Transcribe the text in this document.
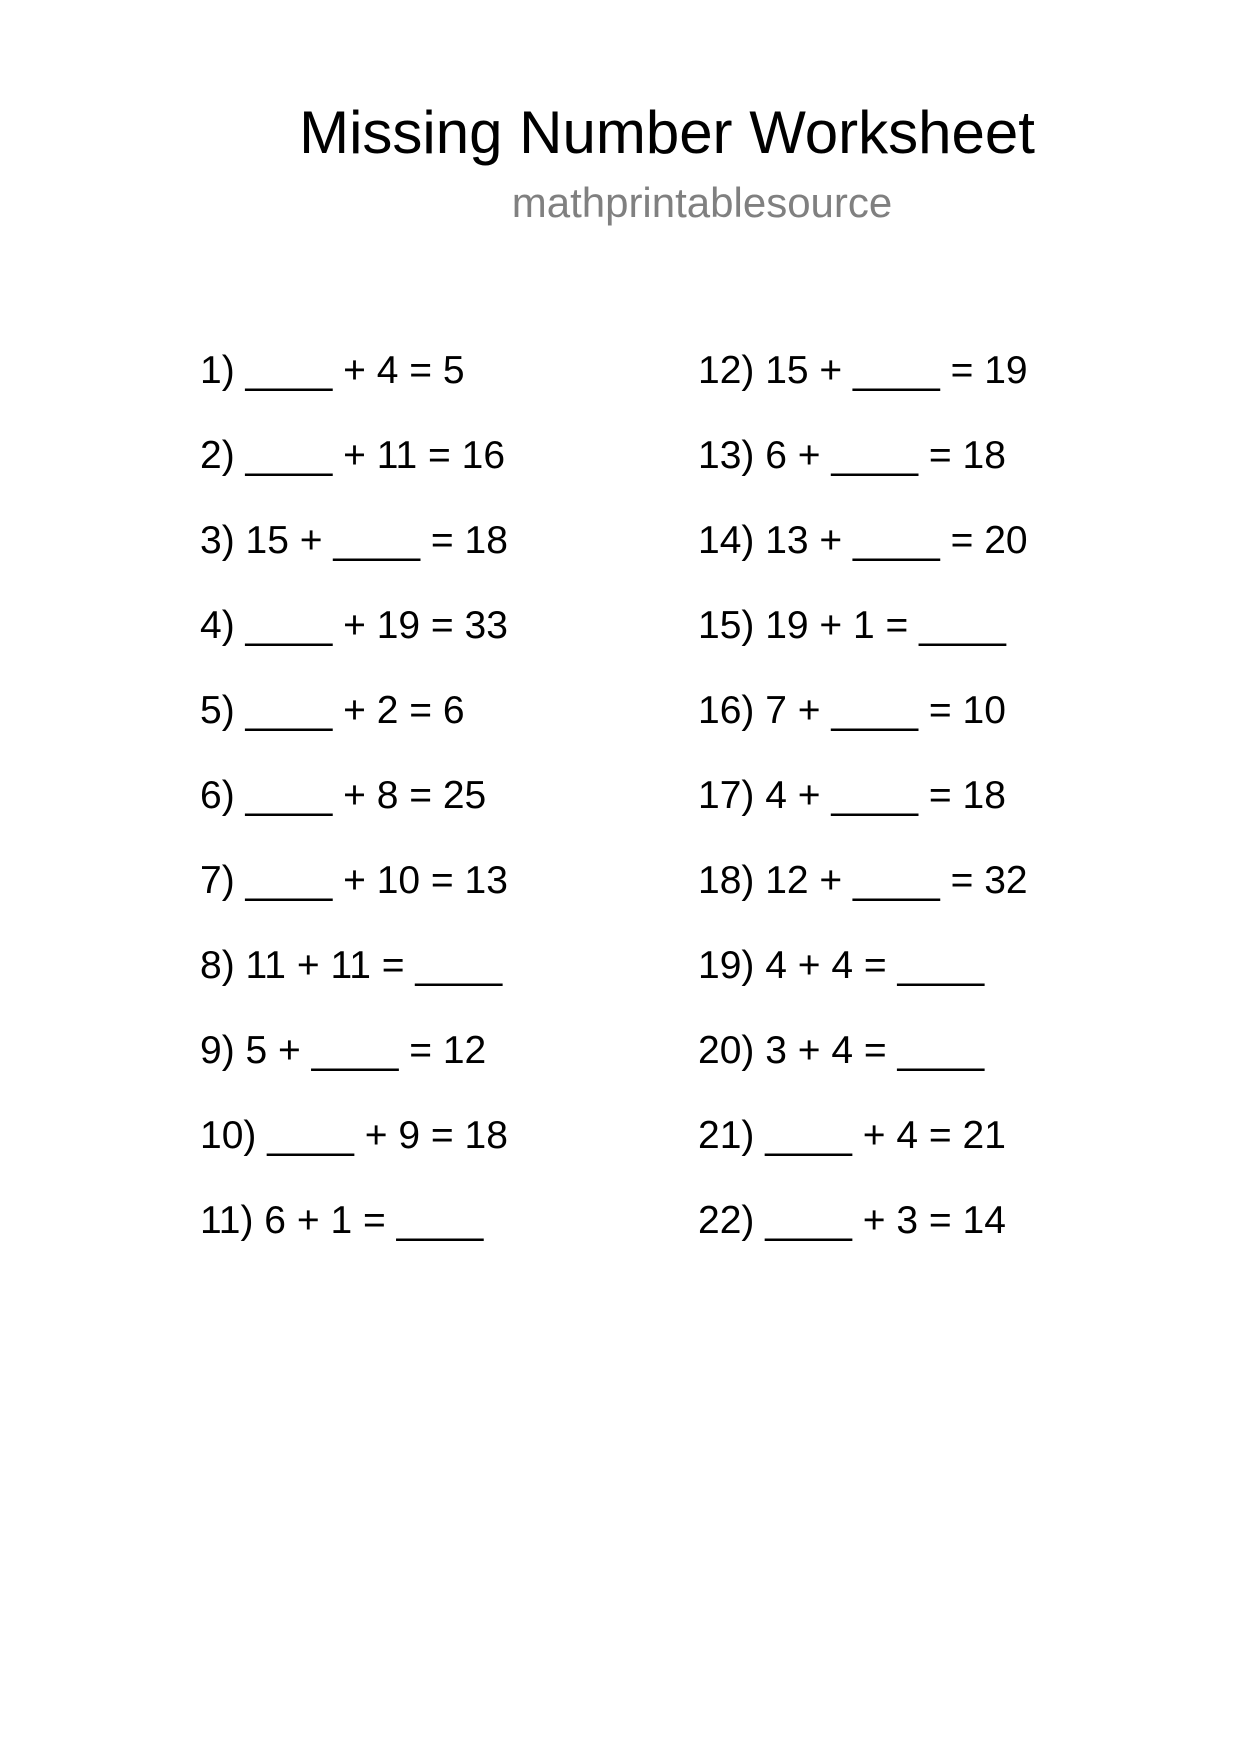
Missing Number Worksheet
mathprintablesource
1) ____ + 4 = 5
2) ____ + 11 = 16
3) 15 + ____ = 18
4) ____ + 19 = 33
5) ____ + 2 = 6
6) ____ + 8 = 25
7) ____ + 10 = 13
8) 11 + 11 = ____
9) 5 + ____ = 12
10) ____ + 9 = 18
11) 6 + 1 = ____
12) 15 + ____ = 19
13) 6 + ____ = 18
14) 13 + ____ = 20
15) 19 + 1 = ____
16) 7 + ____ = 10
17) 4 + ____ = 18
18) 12 + ____ = 32
19) 4 + 4 = ____
20) 3 + 4 = ____
21) ____ + 4 = 21
22) ____ + 3 = 14
